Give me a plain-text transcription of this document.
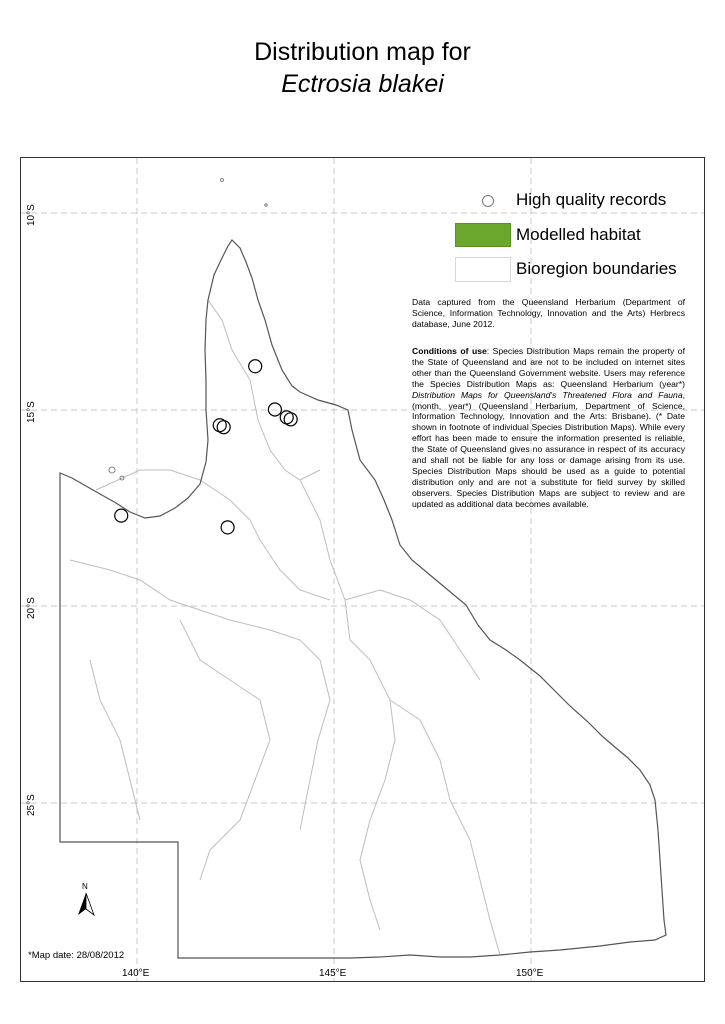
Distribution map for
Ectrosia blakei
10°S
15°S
20°S
25°S
140°E	145°E	150°E
High quality records
Modelled habitat
Bioregion boundaries
Data captured from the Queensland Herbarium (Department of Science, Information Technology, Innovation and the Arts) Herbrecs database, June 2012.
Conditions of use: Species Distribution Maps remain the property of the State of Queensland and are not to be included on internet sites other than the Queensland Government website. Users may reference the Species Distribution Maps as: Queensland Herbarium (year*) Distribution Maps for Queensland's Threatened Flora and Fauna, (month, year*) (Queensland Herbarium, Department of Science, Information Technology, Innovation and the Arts: Brisbane). (* Date shown in footnote of individual Species Distribution Maps). While every effort has been made to ensure the information presented is reliable, the State of Queensland gives no assurance in respect of its accuracy and shall not be liable for any loss or damage arising from its use. Species Distribution Maps should be used as a guide to potential distribution only and are not a substitute for field survey by skilled observers. Species Distribution Maps are subject to review and are updated as additional data becomes available.
N
*Map date: 28/08/2012
